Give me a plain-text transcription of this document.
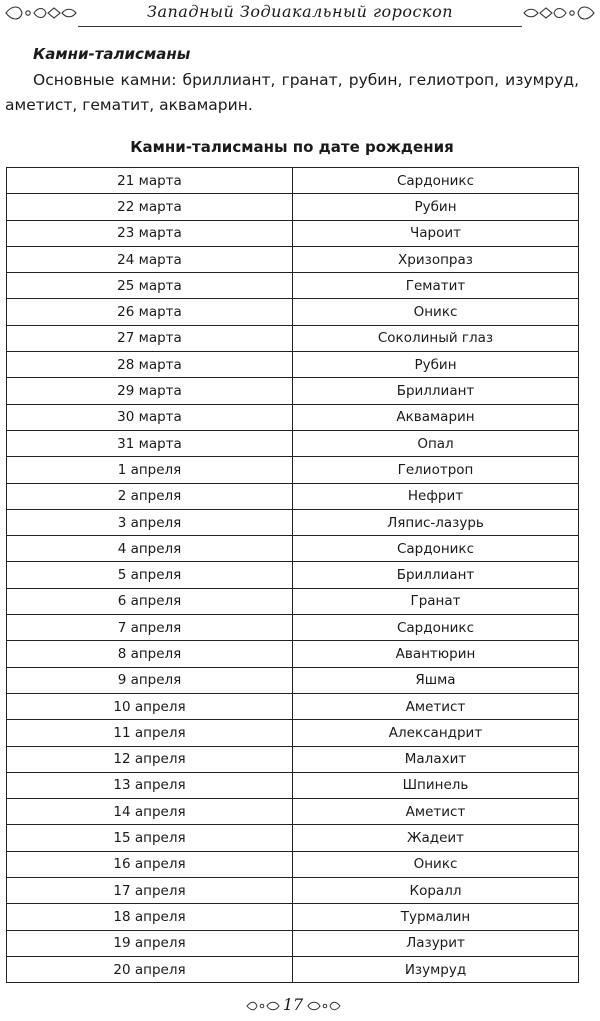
Западный Зодиакальный гороскоп
Камни-талисманы
Основные камни: бриллиант, гранат, рубин, гелиотроп, изумруд, аметист, гематит, аквамарин.
Камни-талисманы по дате рождения
21 марта	Сардоникс
22 марта	Рубин
23 марта	Чароит
24 марта	Хризопраз
25 марта	Гематит
26 марта	Оникс
27 марта	Соколиный глаз
28 марта	Рубин
29 марта	Бриллиант
30 марта	Аквамарин
31 марта	Опал
1 апреля	Гелиотроп
2 апреля	Нефрит
3 апреля	Ляпис-лазурь
4 апреля	Сардоникс
5 апреля	Бриллиант
6 апреля	Гранат
7 апреля	Сардоникс
8 апреля	Авантюрин
9 апреля	Яшма
10 апреля	Аметист
11 апреля	Александрит
12 апреля	Малахит
13 апреля	Шпинель
14 апреля	Аметист
15 апреля	Жадеит
16 апреля	Оникс
17 апреля	Коралл
18 апреля	Турмалин
19 апреля	Лазурит
20 апреля	Изумруд
17
